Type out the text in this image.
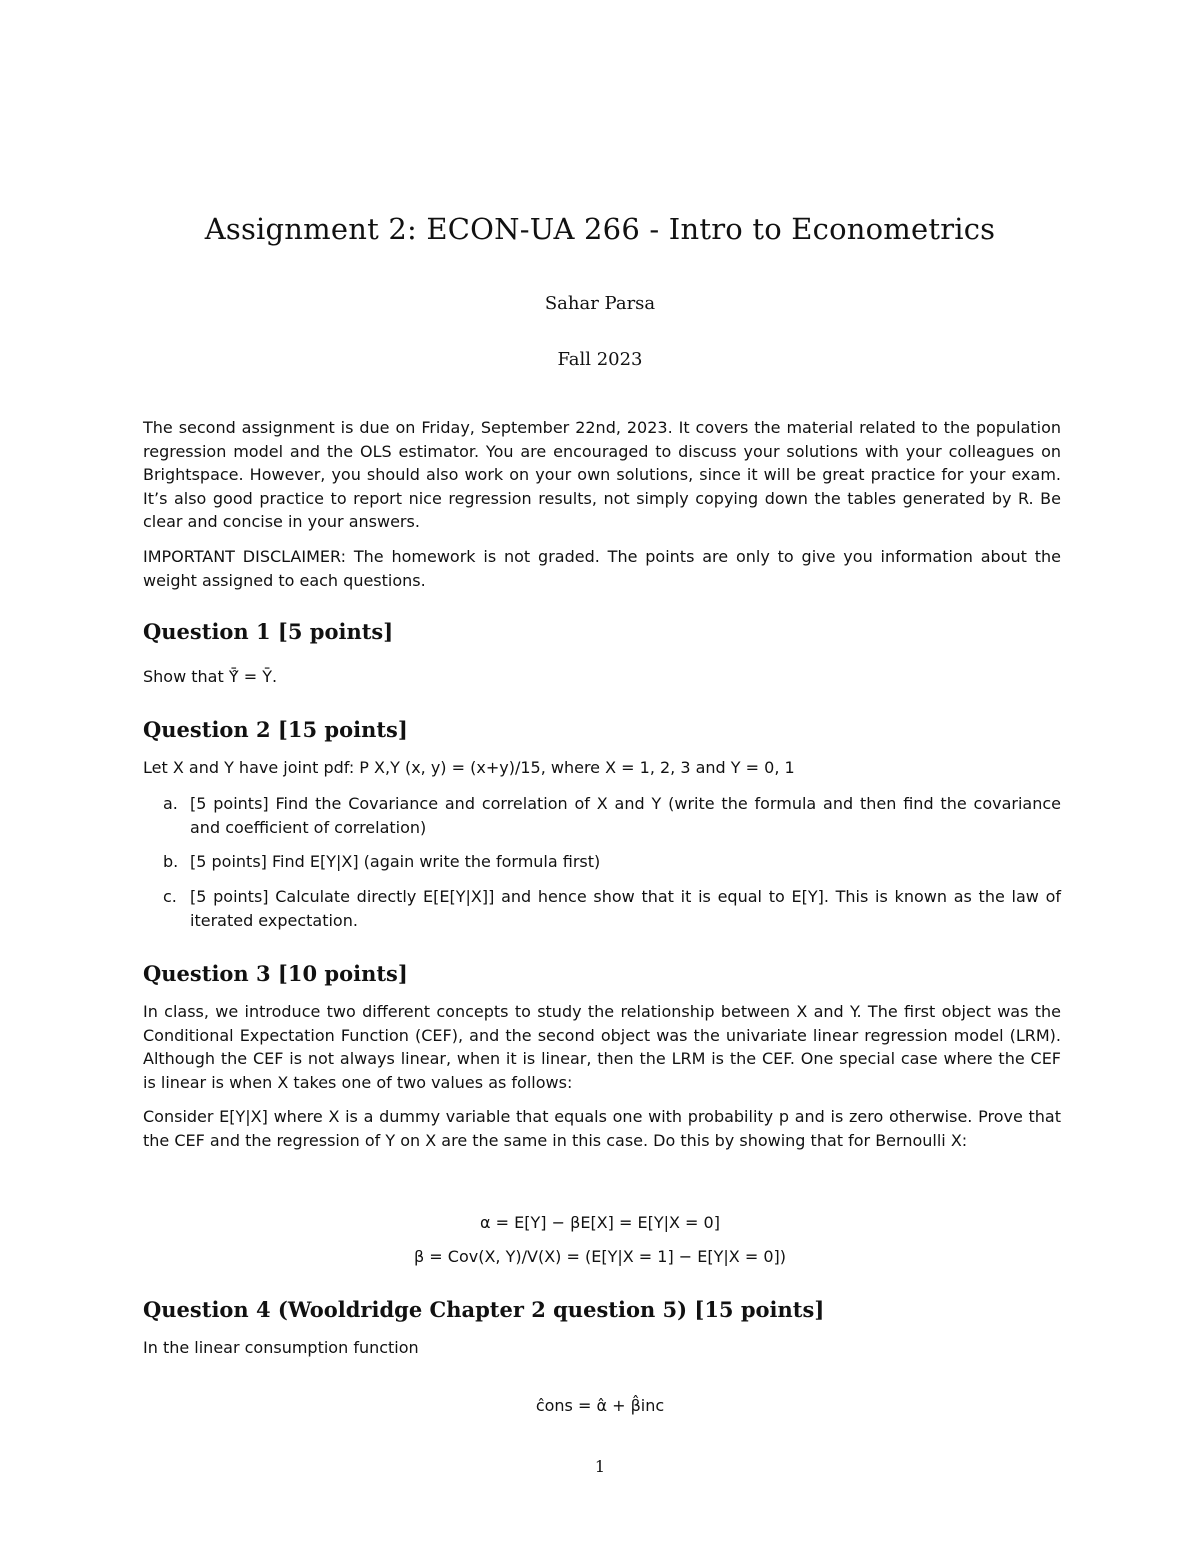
Assignment 2: ECON-UA 266 - Intro to Econometrics
Sahar Parsa
Fall 2023

The second assignment is due on Friday, September 22nd, 2023. It covers the material related to the population regression model and the OLS estimator. You are encouraged to discuss your solutions with your colleagues on Brightspace. However, you should also work on your own solutions, since it will be great practice for your exam. It’s also good practice to report nice regression results, not simply copying down the tables generated by R. Be clear and concise in your answers.

IMPORTANT DISCLAIMER: The homework is not graded. The points are only to give you information about the weight assigned to each questions.

Question 1 [5 points]

Show that Ȳ̂ = Ȳ.

Question 2 [15 points]

Let X and Y have joint pdf: P X,Y (x, y) = (x+y)/15, where X = 1, 2, 3 and Y = 0, 1

a. [5 points] Find the Covariance and correlation of X and Y (write the formula and then find the covariance and coefficient of correlation)
b. [5 points] Find E[Y|X] (again write the formula first)
c. [5 points] Calculate directly E[E[Y|X]] and hence show that it is equal to E[Y]. This is known as the law of iterated expectation.
Question 3 [10 points]

In class, we introduce two different concepts to study the relationship between X and Y. The first object was the Conditional Expectation Function (CEF), and the second object was the univariate linear regression model (LRM). Although the CEF is not always linear, when it is linear, then the LRM is the CEF. One special case where the CEF is linear is when X takes one of two values as follows:

Consider E[Y|X] where X is a dummy variable that equals one with probability p and is zero otherwise. Prove that the CEF and the regression of Y on X are the same in this case. Do this by showing that for Bernoulli X:

α = E[Y] − βE[X] = E[Y|X = 0]
β = Cov(X, Y)/V(X) = (E[Y|X = 1] − E[Y|X = 0])
Question 4 (Wooldridge Chapter 2 question 5) [15 points]

In the linear consumption function

ĉons = α̂ + β̂inc
1
